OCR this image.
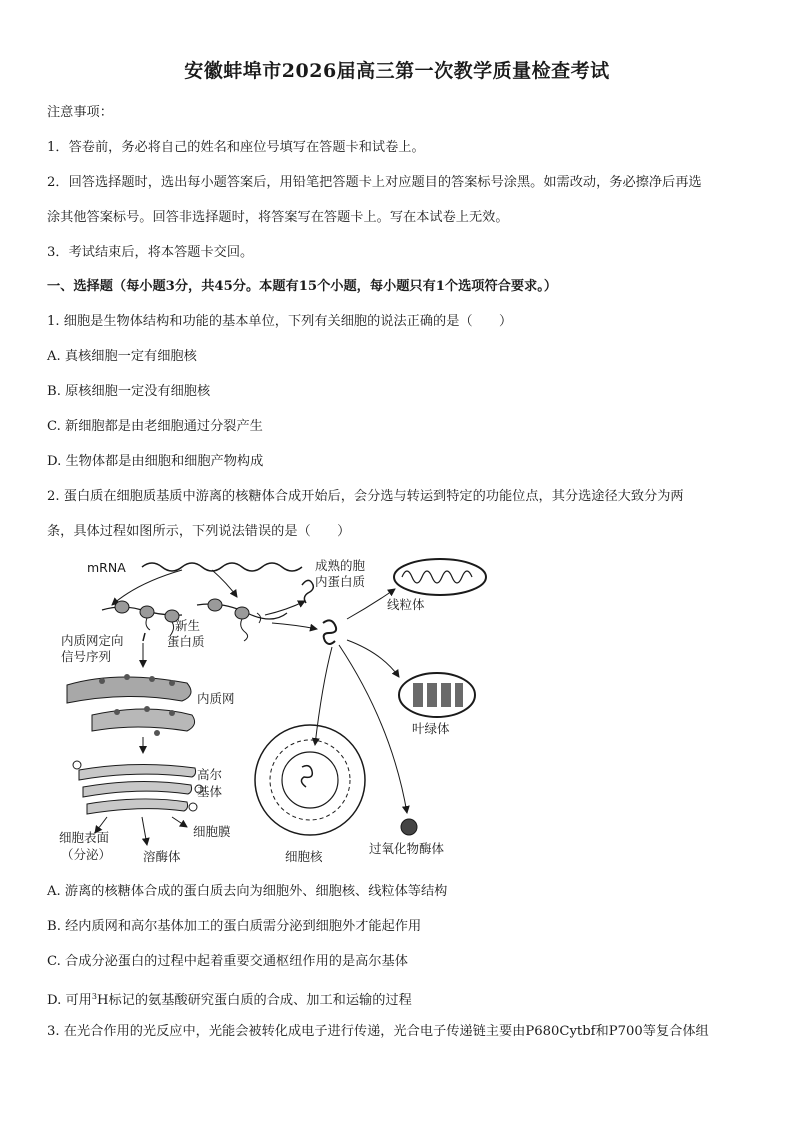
安徽蚌埠市2026届高三第一次教学质量检查考试
注意事项：
1．答卷前，务必将自己的姓名和座位号填写在答题卡和试卷上。
2．回答选择题时，选出每小题答案后，用铅笔把答题卡上对应题目的答案标号涂黑。如需改动，务必擦净后再选
涂其他答案标号。回答非选择题时，将答案写在答题卡上。写在本试卷上无效。
3．考试结束后，将本答题卡交回。
一、选择题（每小题3分，共45分。本题有15个小题，每小题只有1个选项符合要求。）
1. 细胞是生物体结构和功能的基本单位，下列有关细胞的说法正确的是（　　）
A. 真核细胞一定有细胞核
B. 原核细胞一定没有细胞核
C. 新细胞都是由老细胞通过分裂产生
D. 生物体都是由细胞和细胞产物构成
2. 蛋白质在细胞质基质中游离的核糖体合成开始后，会分选与转运到特定的功能位点，其分选途径大致分为两
条，具体过程如图所示，下列说法错误的是（　　）
mRNA
新生
蛋白质
内质网定向
信号序列
成熟的胞
内蛋白质
线粒体
叶绿体
过氧化物酶体
细胞核
内质网
高尔
基体
细胞表面
（分泌）
细胞膜
溶酶体
A. 游离的核糖体合成的蛋白质去向为细胞外、细胞核、线粒体等结构
B. 经内质网和高尔基体加工的蛋白质需分泌到细胞外才能起作用
C. 合成分泌蛋白的过程中起着重要交通枢纽作用的是高尔基体
D. 可用$^3$H标记的氨基酸研究蛋白质的合成、加工和运输的过程
3. 在光合作用的光反应中，光能会被转化成电子进行传递，光合电子传递链主要由P680Cytbf和P700等复合体组
